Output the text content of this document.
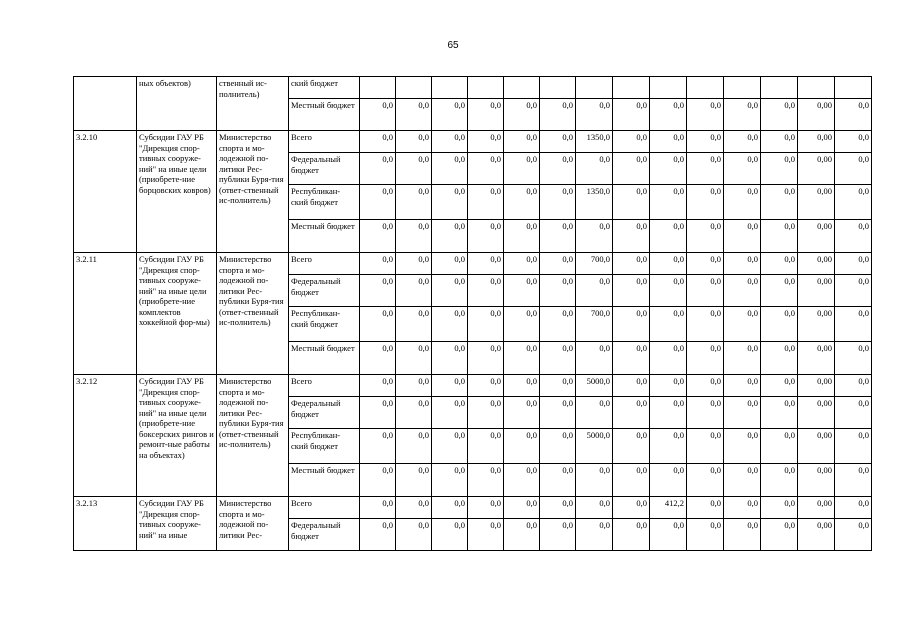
65
	ных объектов)	ственный ис-полнитель)	ский бюджет														
			Местный бюджет	0,0	0,0	0,0	0,0	0,0	0,0	0,0	0,0	0,0	0,0	0,0	0,0	0,00	0,0
3.2.10	Субсидии ГАУ РБ "Дирекция спор-тивных сооруже-ний" на иные цели (приобрете-ние борцовских ковров)	Министерство спорта и мо-лодежной по-литики Рес-публики Буря-тия (ответ-ственный ис-полнитель)	Всего	0,0	0,0	0,0	0,0	0,0	0,0	1350,0	0,0	0,0	0,0	0,0	0,0	0,00	0,0
			Федеральный бюджет	0,0	0,0	0,0	0,0	0,0	0,0	0,0	0,0	0,0	0,0	0,0	0,0	0,00	0,0
			Республикан-ский бюджет	0,0	0,0	0,0	0,0	0,0	0,0	1350,0	0,0	0,0	0,0	0,0	0,0	0,00	0,0
			Местный бюджет	0,0	0,0	0,0	0,0	0,0	0,0	0,0	0,0	0,0	0,0	0,0	0,0	0,00	0,0
3.2.11	Субсидии ГАУ РБ "Дирекция спор-тивных сооруже-ний" на иные цели (приобрете-ние комплектов хоккейной фор-мы)	Министерство спорта и мо-лодежной по-литики Рес-публики Буря-тия (ответ-ственный ис-полнитель)	Всего	0,0	0,0	0,0	0,0	0,0	0,0	700,0	0,0	0,0	0,0	0,0	0,0	0,00	0,0
			Федеральный бюджет	0,0	0,0	0,0	0,0	0,0	0,0	0,0	0,0	0,0	0,0	0,0	0,0	0,00	0,0
			Республикан-ский бюджет	0,0	0,0	0,0	0,0	0,0	0,0	700,0	0,0	0,0	0,0	0,0	0,0	0,00	0,0
			Местный бюджет	0,0	0,0	0,0	0,0	0,0	0,0	0,0	0,0	0,0	0,0	0,0	0,0	0,00	0,0
3.2.12	Субсидии ГАУ РБ "Дирекция спор-тивных сооруже-ний" на иные цели (приобрете-ние боксерских рингов и ремонт-ные работы на объектах)	Министерство спорта и мо-лодежной по-литики Рес-публики Буря-тия (ответ-ственный ис-полнитель)	Всего	0,0	0,0	0,0	0,0	0,0	0,0	5000,0	0,0	0,0	0,0	0,0	0,0	0,00	0,0
			Федеральный бюджет	0,0	0,0	0,0	0,0	0,0	0,0	0,0	0,0	0,0	0,0	0,0	0,0	0,00	0,0
			Республикан-ский бюджет	0,0	0,0	0,0	0,0	0,0	0,0	5000,0	0,0	0,0	0,0	0,0	0,0	0,00	0,0
			Местный бюджет	0,0	0,0	0,0	0,0	0,0	0,0	0,0	0,0	0,0	0,0	0,0	0,0	0,00	0,0
3.2.13	Субсидии ГАУ РБ "Дирекция спор-тивных сооруже-ний" на иные	Министерство спорта и мо-лодежной по-литики Рес-	Всего	0,0	0,0	0,0	0,0	0,0	0,0	0,0	0,0	412,2	0,0	0,0	0,0	0,00	0,0
			Федеральный бюджет	0,0	0,0	0,0	0,0	0,0	0,0	0,0	0,0	0,0	0,0	0,0	0,0	0,00	0,0
